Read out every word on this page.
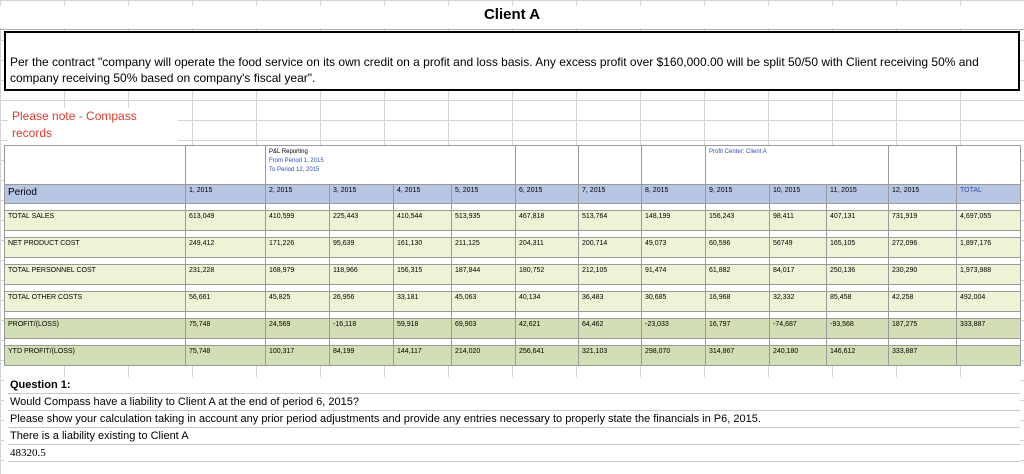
Client A
Per the contract "company will operate the food service on its own credit on a profit and loss basis. Any excess profit over $160,000.00 will be split 50/50 with Client receiving 50% and company receiving 50% based on company's fiscal year".
Please note - Compass records

		P&L Reporting
From Period 1, 2015
To Period 12, 2015							Profit Center: Client A				

Period	1, 2015	2, 2015	3, 2015	4, 2015	5, 2015	6, 2015	7, 2015	8, 2015	9, 2015	10, 2015	11, 2015	12, 2015	TOTAL

TOTAL SALES	613,049	410,599	225,443	410,544	513,935	467,818	513,764	148,199	156,243	98,411	407,131	731,919	4,697,055

NET PRODUCT COST	249,412	171,226	95,639	161,130	211,125	204,311	200,714	49,073	60,596	56749	165,105	272,096	1,897,176

TOTAL PERSONNEL COST	231,228	168,979	118,966	156,315	187,844	180,752	212,105	91,474	61,882	84,017	250,136	230,290	1,973,988

TOTAL OTHER COSTS	56,661	45,825	26,956	33,181	45,063	40,134	36,483	30,685	16,968	32,332	85,458	42,258	492,004

PROFIT/(LOSS)	75,748	24,569	-16,118	59,918	69,903	42,621	64,462	-23,033	16,797	-74,687	-93,568	187,275	333,887

YTD PROFIT/(LOSS)	75,748	100,317	84,199	144,117	214,020	256,641	321,103	298,070	314,867	240,180	146,612	333,887	
Question 1:
Would Compass have a liability to Client A at the end of period 6, 2015?
Please show your calculation taking in account any prior period adjustments and provide any entries necessary to properly state the financials in P6, 2015.
There is a liability existing to Client A
48320.5
